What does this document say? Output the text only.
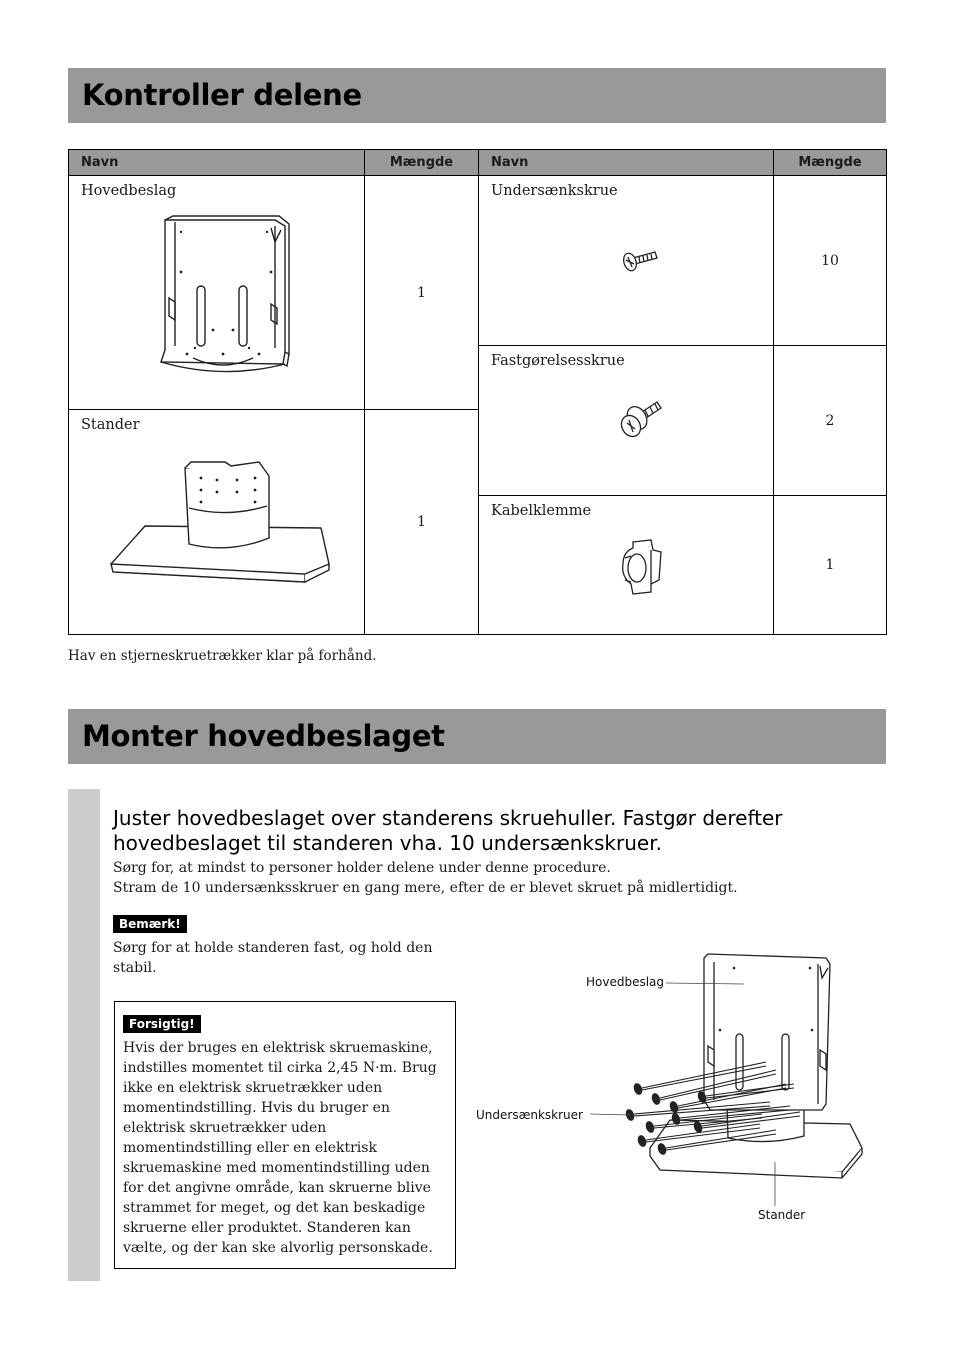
Kontroller delene
Navn	Mængde

Hovedbeslag	1

Stander	1
Navn	Mængde

Undersænkskrue	10

Fastgørelsesskrue	2

Kabelklemme	1
Hav en stjerneskruetrækker klar på forhånd.
Monter hovedbeslaget
Juster hovedbeslaget over standerens skruehuller. Fastgør derefter hovedbeslaget til standeren vha. 10 undersænkskruer.
Sørg for, at mindst to personer holder delene under denne procedure.
Stram de 10 undersænksskruer en gang mere, efter de er blevet skruet på midlertidigt.
Bemærk!
Sørg for at holde standeren fast, og hold den stabil.
Forsigtig!
Hvis der bruges en elektrisk skruemaskine, indstilles momentet til cirka 2,45 N·m. Brug ikke en elektrisk skruetrækker uden momentindstilling. Hvis du bruger en elektrisk skruetrækker uden momentindstilling eller en elektrisk skruemaskine med momentindstilling uden for det angivne område, kan skruerne blive strammet for meget, og det kan beskadige skruerne eller produktet. Standeren kan vælte, og der kan ske alvorlig personskade.
Hovedbeslag
Undersænkskruer
Stander
